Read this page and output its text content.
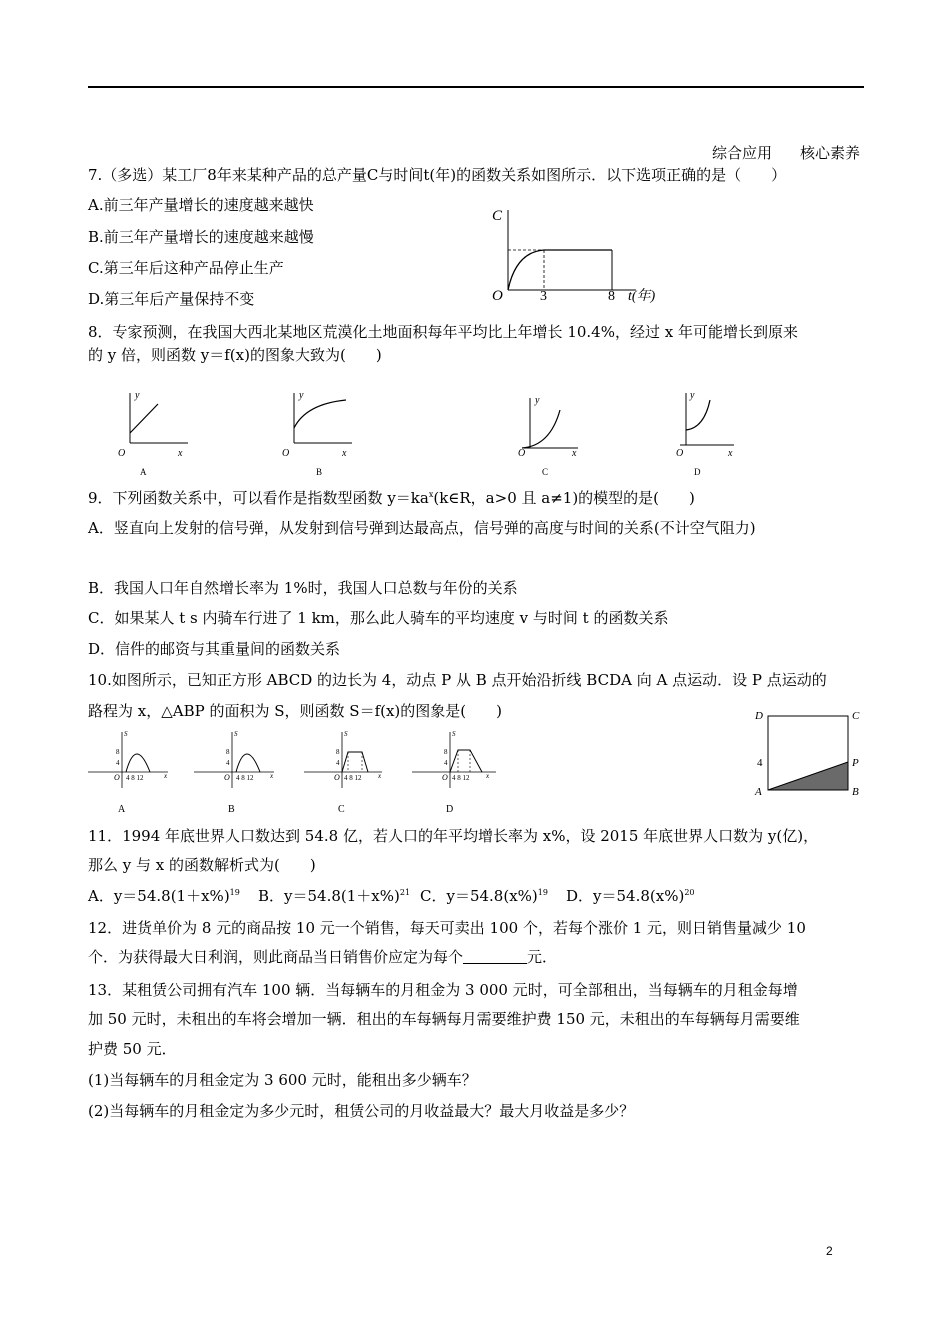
综合应用 核心素养
7.（多选）某工厂8年来某种产品的总产量C与时间t(年)的函数关系如图所示．以下选项正确的是（　　）
A.前三年产量增长的速度越来越快
B.前三年产量增长的速度越来越慢
C.第三年后这种产品停止生产
D.第三年后产量保持不变
C
O	3	8 t(年)
8．专家预测，在我国大西北某地区荒漠化土地面积每年平均比上年增长 10.4%，经过 x 年可能增长到原来
的 y 倍，则函数 y＝f(x)的图象大致为(　　)
y
x
O
A
y
x
O
B
y
x
O
C
y
x
O
D
9．下列函数关系中，可以看作是指数型函数 $y=ka^x(k\in R$，a>0 且 a≠1)的模型的是(　　)
A．竖直向上发射的信号弹，从发射到信号弹到达最高点，信号弹的高度与时间的关系(不计空气阻力)
B．我国人口年自然增长率为 1%时，我国人口总数与年份的关系
C．如果某人 t s 内骑车行进了 1 km，那么此人骑车的平均速度 v 与时间 t 的函数关系
D．信件的邮资与其重量间的函数关系
10.如图所示，已知正方形 ABCD 的边长为 4，动点 P 从 B 点开始沿折线 BCDA 向 A 点运动．设 P 点运动的
路程为 x，△ABP 的面积为 S，则函数 S＝f(x)的图象是(　　)	D	C
A	B
P
4
S
8
4
O 4 8 12	x
A
S
8
4
O 4 8 12 x
B
S
8
4
O 4 8 12 x
C
S
8
4
O 4 8 12 x
D
11．1994 年底世界人口数达到 54.8 亿，若人口的年平均增长率为 x%，设 2015 年底世界人口数为 y(亿)，
那么 y 与 x 的函数解析式为(　　)
A．$y=54.8(1+x\%)^{19}$ B．$y=54.8(1+x\%)^{21}$ C．$y=54.8(x\%)^{19}$ D．$y=54.8(x\%)^{20}$
12．进货单价为 8 元的商品按 10 元一个销售，每天可卖出 100 个，若每个涨价 1 元，则日销售量减少 10
个．为获得最大日利润，则此商品当日销售价应定为每个	元．
13．某租赁公司拥有汽车 100 辆．当每辆车的月租金为 3 000 元时，可全部租出，当每辆车的月租金每增
加 50 元时，未租出的车将会增加一辆．租出的车每辆每月需要维护费 150 元，未租出的车每辆每月需要维
护费 50 元．
(1)当每辆车的月租金定为 3 600 元时，能租出多少辆车？
(2)当每辆车的月租金定为多少元时，租赁公司的月收益最大？最大月收益是多少？
2
